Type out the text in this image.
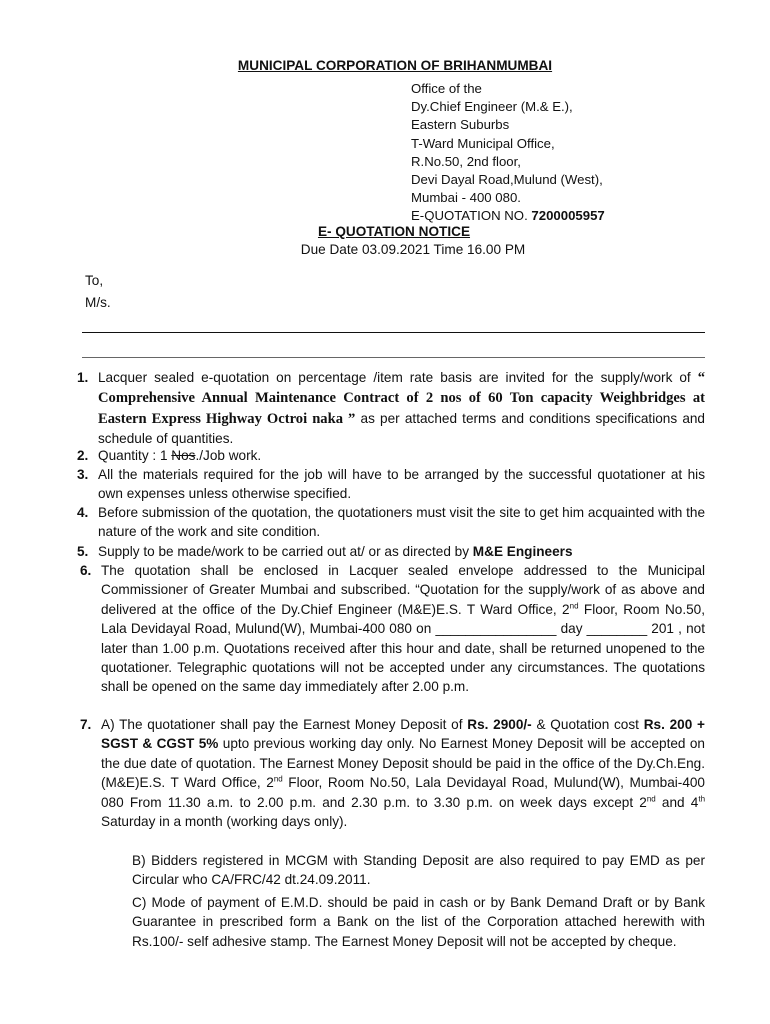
MUNICIPAL CORPORATION OF BRIHANMUMBAI
Office of the
Dy.Chief Engineer (M.& E.),
Eastern Suburbs
T-Ward Municipal Office,
R.No.50, 2nd floor,
Devi Dayal Road,Mulund (West),
Mumbai - 400 080.
E-QUOTATION NO. 7200005957
E- QUOTATION NOTICE
Due Date 03.09.2021 Time 16.00 PM
To,
M/s.
1. Lacquer sealed e-quotation on percentage /item rate basis are invited for the supply/work of “ Comprehensive Annual Maintenance Contract of 2 nos of 60 Ton capacity Weighbridges at Eastern Express Highway Octroi naka ” as per attached terms and conditions specifications and schedule of quantities.

2. Quantity : 1 Nos./Job work.

3. All the materials required for the job will have to be arranged by the successful quotationer at his own expenses unless otherwise specified.

4. Before submission of the quotation, the quotationers must visit the site to get him acquainted with the nature of the work and site condition.

5. Supply to be made/work to be carried out at/ or as directed by M&E Engineers

6. The quotation shall be enclosed in Lacquer sealed envelope addressed to the Municipal Commissioner of Greater Mumbai and subscribed. “Quotation for the supply/work of as above and delivered at the office of the Dy.Chief Engineer (M&E)E.S. T Ward Office, 2nd Floor, Room No.50, Lala Devidayal Road, Mulund(W), Mumbai-400 080 on ________________ day ________ 201 , not later than 1.00 p.m. Quotations received after this hour and date, shall be returned unopened to the quotationer. Telegraphic quotations will not be accepted under any circumstances. The quotations shall be opened on the same day immediately after 2.00 p.m.

7. A) The quotationer shall pay the Earnest Money Deposit of Rs. 2900/- & Quotation cost Rs. 200 + SGST & CGST 5% upto previous working day only. No Earnest Money Deposit will be accepted on the due date of quotation. The Earnest Money Deposit should be paid in the office of the Dy.Ch.Eng.(M&E)E.S. T Ward Office, 2nd Floor, Room No.50, Lala Devidayal Road, Mulund(W), Mumbai-400 080 From 11.30 a.m. to 2.00 p.m. and 2.30 p.m. to 3.30 p.m. on week days except 2nd and 4th Saturday in a month (working days only).

B) Bidders registered in MCGM with Standing Deposit are also required to pay EMD as per Circular who CA/FRC/42 dt.24.09.2011.

C) Mode of payment of E.M.D. should be paid in cash or by Bank Demand Draft or by Bank Guarantee in prescribed form a Bank on the list of the Corporation attached herewith with Rs.100/- self adhesive stamp. The Earnest Money Deposit will not be accepted by cheque.
